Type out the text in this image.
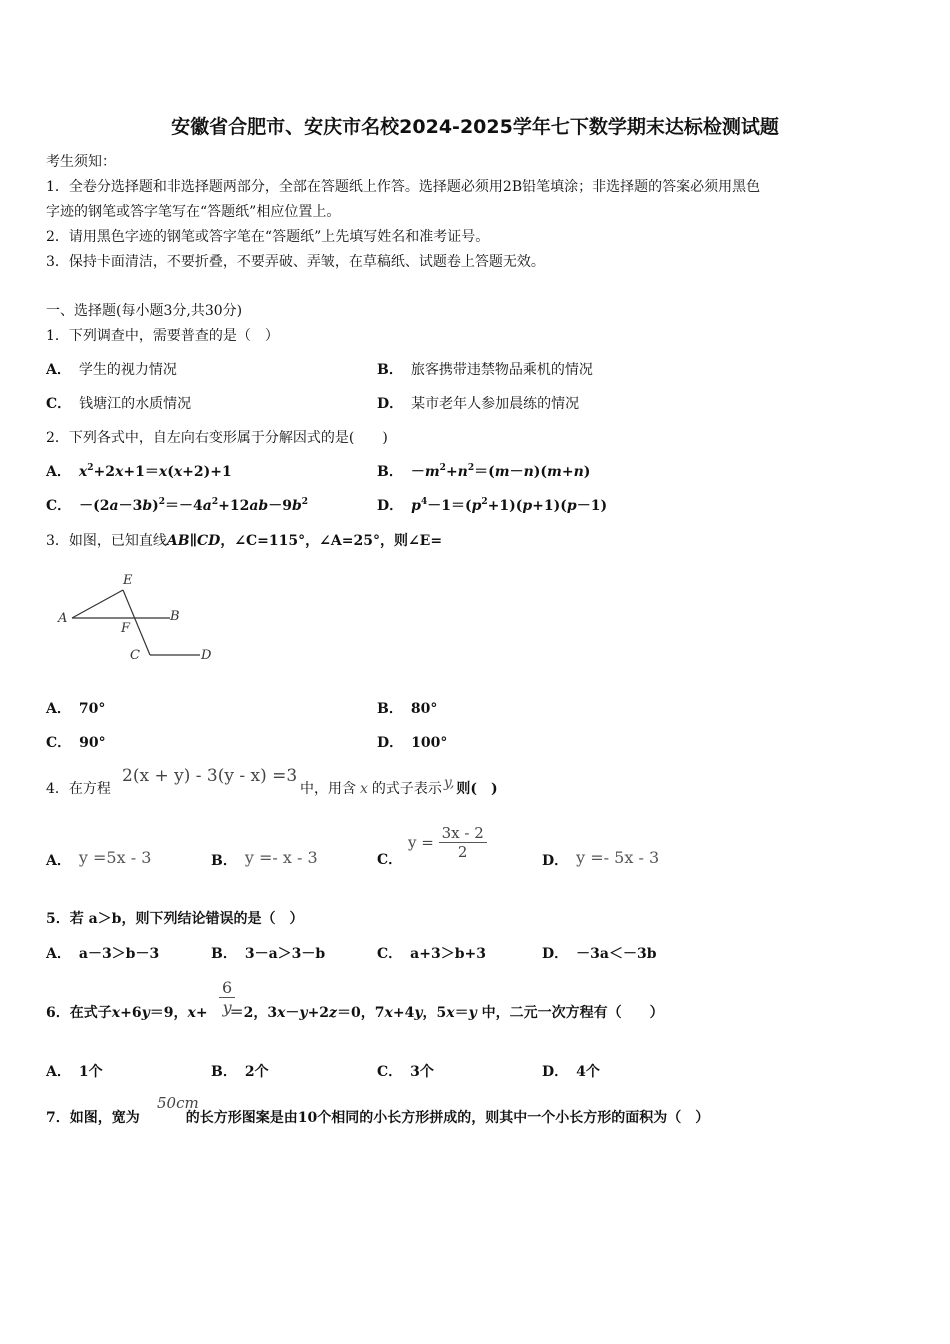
安徽省合肥市、安庆市名校2024-2025学年七下数学期末达标检测试题
考生须知：
1．全卷分选择题和非选择题两部分，全部在答题纸上作答。选择题必须用2B铅笔填涂；非选择题的答案必须用黑色
字迹的钢笔或答字笔写在“答题纸”相应位置上。
2．请用黑色字迹的钢笔或答字笔在“答题纸”上先填写姓名和准考证号。
3．保持卡面清洁，不要折叠，不要弄破、弄皱，在草稿纸、试题卷上答题无效。
一、选择题(每小题3分,共30分)
1．下列调查中，需要普查的是（　）
A． 学生的视力情况	B． 旅客携带违禁物品乘机的情况
C． 钱塘江的水质情况	D． 某市老年人参加晨练的情况
2．下列各式中，自左向右变形属于分解因式的是(　　)
A． $x^2+2x+1=x(x+2)+1$	B． $-m^2+n^2=(m-n)(m+n)$
C． $-(2a-3b)^2=-4a^2+12ab-9b^2$	D． $p^4-1=(p^2+1)(p+1)(p-1)$
3．如图，已知直线AB∥CD，∠C=115°，∠A=25°，则∠E=
E
A	B
F
C	D
A． 70°	B． 80°
C． 90°	D． 100°
4．在方程
2(x + y) - 3(y - x) =3
中，用含 x 的式子表示 y, 则(　)
A． y =5x - 3	B． y =- x - 3	C．
$y = \frac{3x - 2}{2}$	D． y =- 5x - 3
5．若 a＞b，则下列结论错误的是（　）
A． a－3＞b－3	B． 3－a＞3－b	C． a+3＞b+3	D． －3a＜－3b
6．在式子x+6y＝9，x+ ＝2，3x－y+2z＝0，7x+4y，5x＝y 中，二元一次方程有（　　）
$\frac{6}{y}$
A． 1个	B． 2个	C． 3个	D． 4个
7．如图，宽为	的长方形图案是由10个相同的小长方形拼成的，则其中一个小长方形的面积为（　）
50cm
